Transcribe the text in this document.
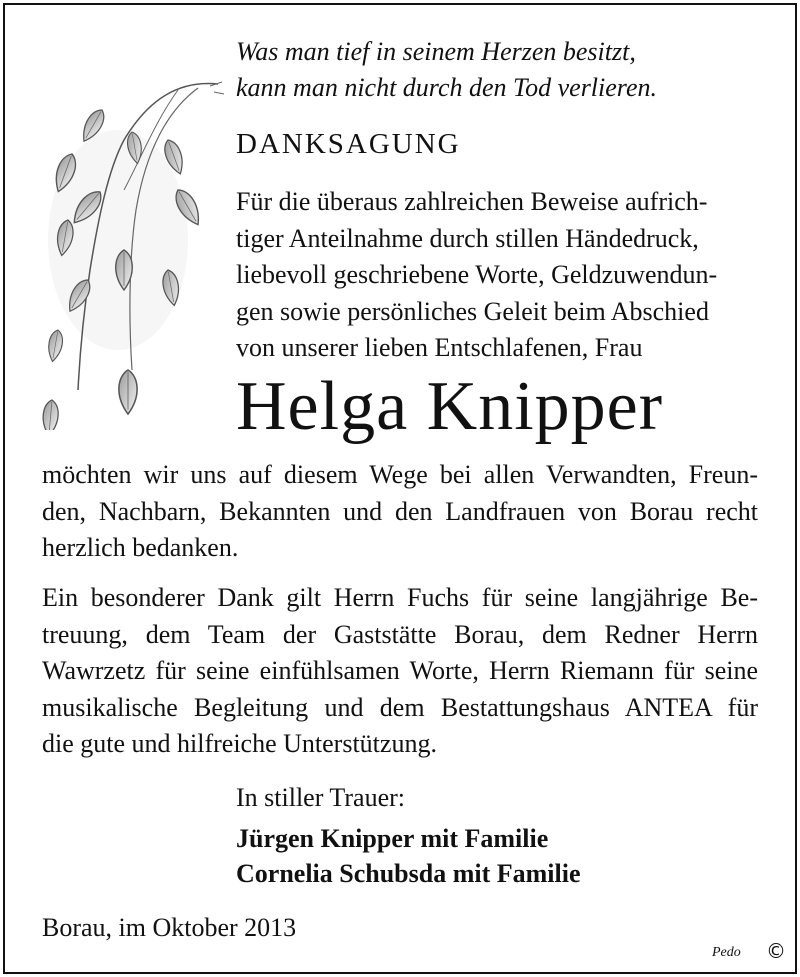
Was man tief in seinem Herzen besitzt,
kann man nicht durch den Tod verlieren.
DANKSAGUNG
Für die überaus zahlreichen Beweise aufrich-
tiger Anteilnahme durch stillen Händedruck,
liebevoll geschriebene Worte, Geldzuwendun-
gen sowie persönliches Geleit beim Abschied
von unserer lieben Entschlafenen, Frau
Helga Knipper
möchten wir uns auf diesem Wege bei allen Verwandten, Freun-
den, Nachbarn, Bekannten und den Landfrauen von Borau recht
herzlich bedanken.
Ein besonderer Dank gilt Herrn Fuchs für seine langjährige Be-
treuung, dem Team der Gaststätte Borau, dem Redner Herrn
Wawrzetz für seine einfühlsamen Worte, Herrn Riemann für seine
musikalische Begleitung und dem Bestattungshaus ANTEA für
die gute und hilfreiche Unterstützung.
In stiller Trauer:
Jürgen Knipper mit Familie
Cornelia Schubsda mit Familie
Borau, im Oktober 2013
Pedo ©
